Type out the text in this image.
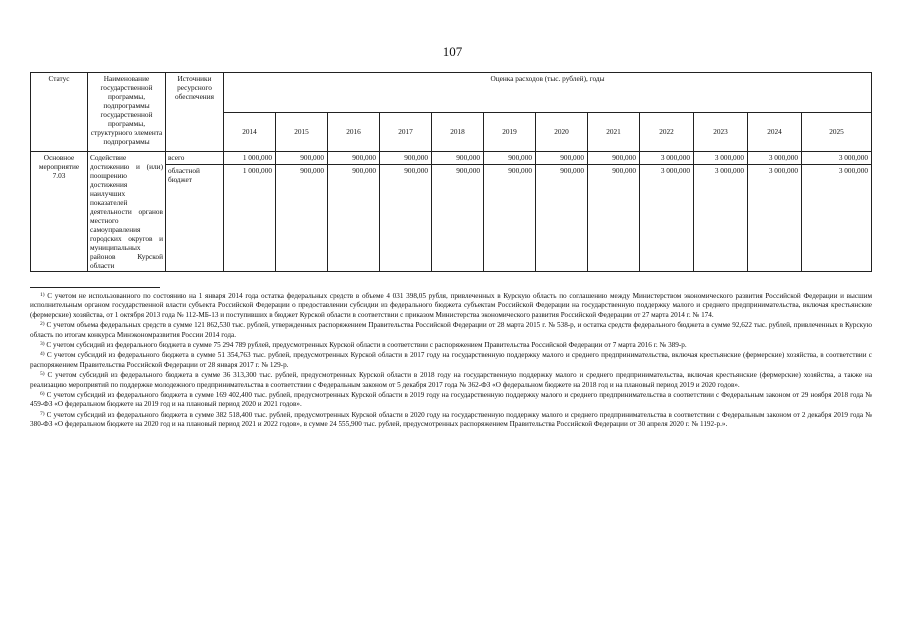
107
Статус	Наименование государственной программы, подпрограммы государственной программы, структурного элемента подпрограммы	Источники ресурсного обеспечения	Оценка расходов (тыс. рублей), годы											
			2014	2015	2016	2017	2018	2019	2020	2021	2022	2023	2024	2025
Основное мероприятие 7.03	Содействие достижению и (или) поощрению достижения наилучших показателей деятельности органов местного самоуправления городских округов и муниципальных районов Курской области	всего	1 000,000	900,000	900,000	900,000	900,000	900,000	900,000	900,000	3 000,000	3 000,000	3 000,000	3 000,000
		областной бюджет	1 000,000	900,000	900,000	900,000	900,000	900,000	900,000	900,000	3 000,000	3 000,000	3 000,000	3 000,000

$^{1)}$ С учетом не использованного по состоянию на 1 января 2014 года остатка федеральных средств в объеме 4 031 398,05 рубля, привлеченных в Курскую область по соглашению между Министерством экономического развития Российской Федерации и высшим исполнительным органом государственной власти субъекта Российской Федерации о предоставлении субсидии из федерального бюджета субъектам Российской Федерации на государственную поддержку малого и среднего предпринимательства, включая крестьянские (фермерские) хозяйства, от 1 октября 2013 года № 112-МБ-13 и поступивших в бюджет Курской области в соответствии с приказом Министерства экономического развития Российской Федерации от 27 марта 2014 г. № 174.

$^{2)}$ С учетом объема федеральных средств в сумме 121 862,530 тыс. рублей, утвержденных распоряжением Правительства Российской Федерации от 28 марта 2015 г. № 538-р, и остатка средств федерального бюджета в сумме 92,622 тыс. рублей, привлеченных в Курскую область по итогам конкурса Минэкономразвития России 2014 года.

$^{3)}$ С учетом субсидий из федерального бюджета в сумме 75 294 789 рублей, предусмотренных Курской области в соответствии с распоряжением Правительства Российской Федерации от 7 марта 2016 г. № 389-р.

$^{4)}$ С учетом субсидий из федерального бюджета в сумме 51 354,763 тыс. рублей, предусмотренных Курской области в 2017 году на государственную поддержку малого и среднего предпринимательства, включая крестьянские (фермерские) хозяйства, в соответствии с распоряжением Правительства Российской Федерации от 28 января 2017 г. № 129-р.

$^{5)}$ С учетом субсидий из федерального бюджета в сумме 36 313,300 тыс. рублей, предусмотренных Курской области в 2018 году на государственную поддержку малого и среднего предпринимательства, включая крестьянские (фермерские) хозяйства, а также на реализацию мероприятий по поддержке молодежного предпринимательства в соответствии с Федеральным законом от 5 декабря 2017 года № 362-ФЗ «О федеральном бюджете на 2018 год и на плановый период 2019 и 2020 годов».

$^{6)}$ С учетом субсидий из федерального бюджета в сумме 169 402,400 тыс. рублей, предусмотренных Курской области в 2019 году на государственную поддержку малого и среднего предпринимательства в соответствии с Федеральным законом от 29 ноября 2018 года № 459-ФЗ «О федеральном бюджете на 2019 год и на плановый период 2020 и 2021 годов».

$^{7)}$ С учетом субсидий из федерального бюджета в сумме 382 518,400 тыс. рублей, предусмотренных Курской области в 2020 году на государственную поддержку малого и среднего предпринимательства в соответствии с Федеральным законом от 2 декабря 2019 года № 380-ФЗ «О федеральном бюджете на 2020 год и на плановый период 2021 и 2022 годов», в сумме 24 555,900 тыс. рублей, предусмотренных распоряжением Правительства Российской Федерации от 30 апреля 2020 г. № 1192-р.».
